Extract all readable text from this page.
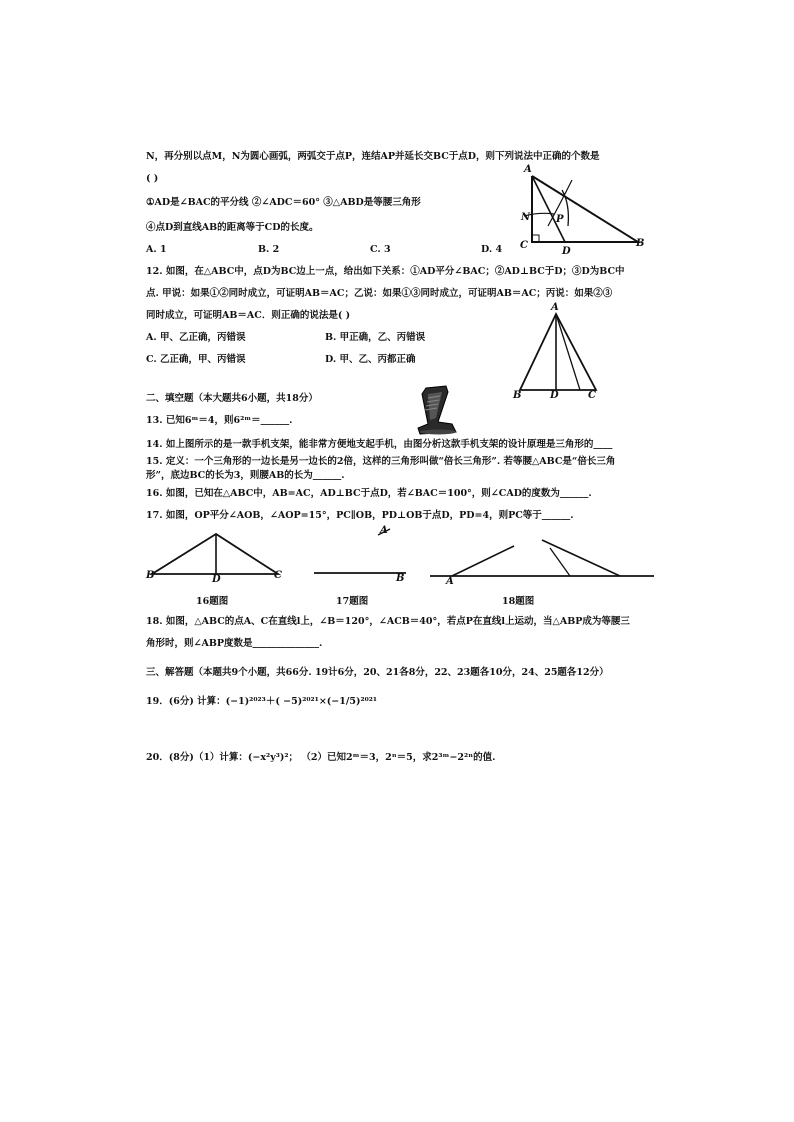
N，再分别以点M，N为圆心画弧，两弧交于点P，连结AP并延长交BC于点D，则下列说法中正确的个数是
( )
①AD是∠BAC的平分线 ②∠ADC＝60° ③△ABD是等腰三角形
④点D到直线AB的距离等于CD的长度。
A. 1	B. 2	C. 3	D. 4
A
N	P
C
D
B
12. 如图，在△ABC中，点D为BC边上一点，给出如下关系：①AD平分∠BAC；②AD⊥BC于D；③D为BC中
点. 甲说：如果①②同时成立，可证明AB＝AC；乙说：如果①③同时成立，可证明AB＝AC；丙说：如果②③
同时成立，可证明AB＝AC．则正确的说法是( )
A. 甲、乙正确，丙错误	B. 甲正确，乙、丙错误
C. 乙正确，甲、丙错误	D. 甲、乙、丙都正确
A
B	D	C
二、填空题（本大题共6小题，共18分）
13. 已知6ᵐ＝4，则6²ᵐ＝______.
14. 如上图所示的是一款手机支架，能非常方便地支起手机，由图分析这款手机支架的设计原理是三角形的____
15. 定义：一个三角形的一边长是另一边长的2倍，这样的三角形叫做“倍长三角形”. 若等腰△ABC是“倍长三角
形”，底边BC的长为3，则腰AB的长为______.
16. 如图，已知在△ABC中，AB=AC，AD⊥BC于点D，若∠BAC＝100°，则∠CAD的度数为______.
17. 如图，OP平分∠AOB，∠AOP=15°，PC∥OB，PD⊥OB于点D，PD=4，则PC等于______.
B	D	C
16题图
A
B
17题图
A
18题图
18. 如图，△ABC的点A、C在直线l上，∠B＝120°，∠ACB＝40°，若点P在直线l上运动，当△ABP成为等腰三
角形时，则∠ABP度数是______________.
三、解答题（本题共9个小题，共66分. 19计6分，20、21各8分，22、23题各10分，24、25题各12分）
19．(6分) 计算：(−1)²⁰²³＋( −5)²⁰²¹×(−1/5)²⁰²¹
20．(8分)（1）计算：(−x²y³)²； （2）已知2ᵐ＝3，2ⁿ＝5，求2³ᵐ−2²ⁿ的值.
